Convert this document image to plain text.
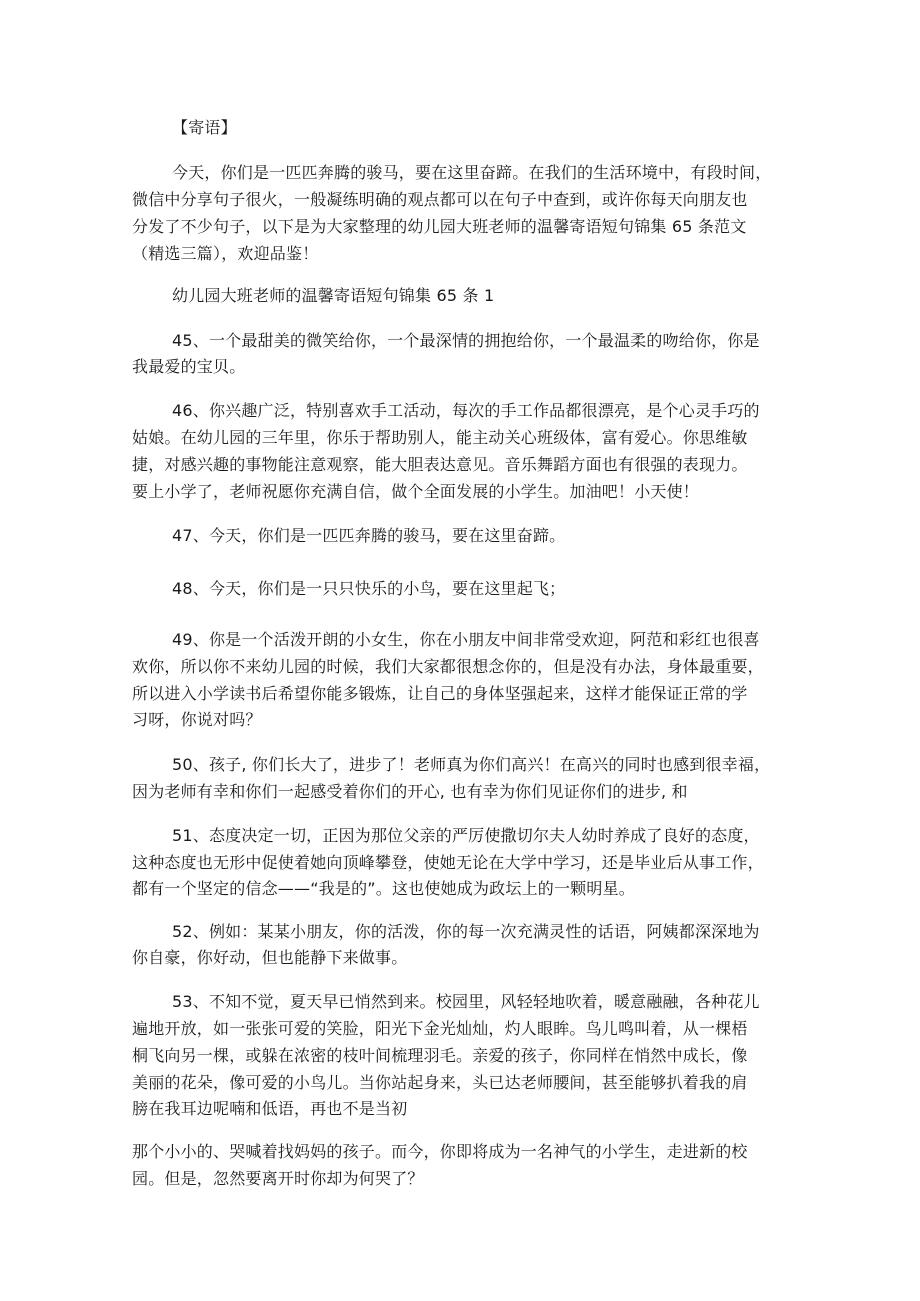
【寄语】
今天，你们是一匹匹奔腾的骏马，要在这里奋蹄。在我们的生活环境中，有段时间，
微信中分享句子很火，一般凝练明确的观点都可以在句子中查到，或许你每天向朋友也
分发了不少句子，以下是为大家整理的幼儿园大班老师的温馨寄语短句锦集 65 条范文
（精选三篇），欢迎品鉴！
幼儿园大班老师的温馨寄语短句锦集 65 条 1
45、一个最甜美的微笑给你，一个最深情的拥抱给你，一个最温柔的吻给你，你是
我最爱的宝贝。
46、你兴趣广泛，特别喜欢手工活动，每次的手工作品都很漂亮，是个心灵手巧的
姑娘。在幼儿园的三年里，你乐于帮助别人，能主动关心班级体，富有爱心。你思维敏
捷，对感兴趣的事物能注意观察，能大胆表达意见。音乐舞蹈方面也有很强的表现力。
要上小学了，老师祝愿你充满自信，做个全面发展的小学生。加油吧！小天使！
47、今天，你们是一匹匹奔腾的骏马，要在这里奋蹄。
48、今天，你们是一只只快乐的小鸟，要在这里起飞；
49、你是一个活泼开朗的小女生，你在小朋友中间非常受欢迎，阿范和彩红也很喜
欢你，所以你不来幼儿园的时候，我们大家都很想念你的，但是没有办法，身体最重要，
所以进入小学读书后希望你能多锻炼，让自己的身体坚强起来，这样才能保证正常的学
习呀，你说对吗？
50、孩子, 你们长大了，进步了！老师真为你们高兴！在高兴的同时也感到很幸福，
因为老师有幸和你们一起感受着你们的开心, 也有幸为你们见证你们的进步, 和
51、态度决定一切，正因为那位父亲的严厉使撒切尔夫人幼时养成了良好的态度，
这种态度也无形中促使着她向顶峰攀登，使她无论在大学中学习，还是毕业后从事工作，
都有一个坚定的信念——“我是的”。这也使她成为政坛上的一颗明星。
52、例如：某某小朋友，你的活泼，你的每一次充满灵性的话语，阿姨都深深地为
你自豪，你好动，但也能静下来做事。
53、不知不觉，夏天早已悄然到来。校园里，风轻轻地吹着，暖意融融，各种花儿
遍地开放，如一张张可爱的笑脸，阳光下金光灿灿，灼人眼眸。鸟儿鸣叫着，从一棵梧
桐飞向另一棵，或躲在浓密的枝叶间梳理羽毛。亲爱的孩子，你同样在悄然中成长，像
美丽的花朵，像可爱的小鸟儿。当你站起身来，头已达老师腰间，甚至能够扒着我的肩
膀在我耳边呢喃和低语，再也不是当初
那个小小的、哭喊着找妈妈的孩子。而今，你即将成为一名神气的小学生，走进新的校
园。但是，忽然要离开时你却为何哭了？
